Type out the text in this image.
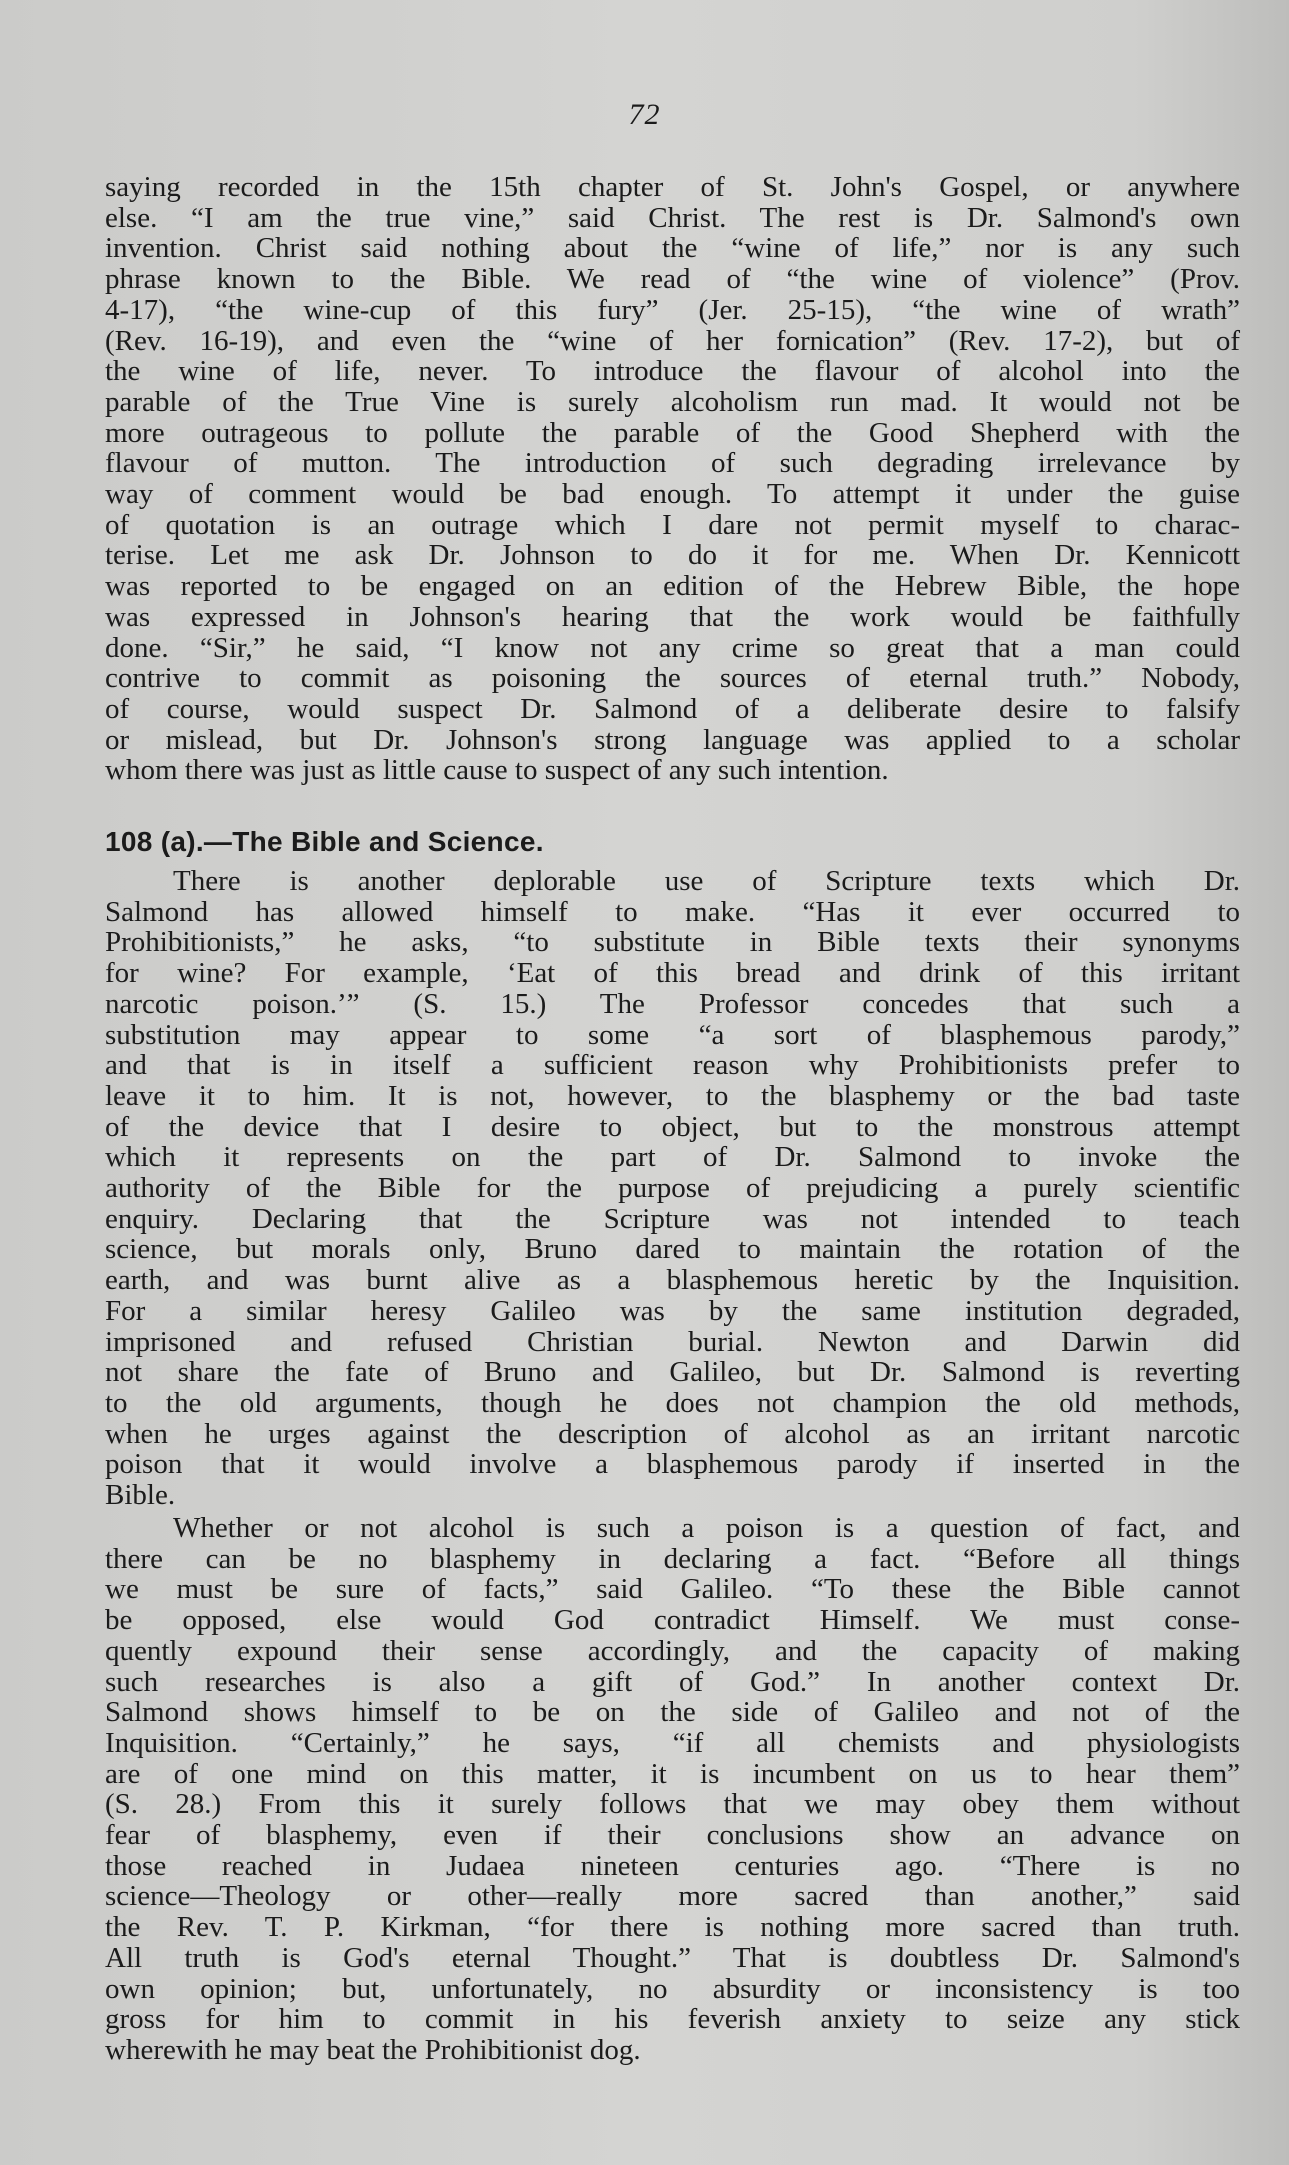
72
saying recorded in the 15th chapter of St. John's Gospel, or anywhere
else. “I am the true vine,” said Christ. The rest is Dr. Salmond's own
invention. Christ said nothing about the “wine of life,” nor is any such
phrase known to the Bible. We read of “the wine of violence” (Prov.
4-17), “the wine-cup of this fury” (Jer. 25-15), “the wine of wrath”
(Rev. 16-19), and even the “wine of her fornication” (Rev. 17-2), but of
the wine of life, never. To introduce the flavour of alcohol into the
parable of the True Vine is surely alcoholism run mad. It would not be
more outrageous to pollute the parable of the Good Shepherd with the
flavour of mutton. The introduction of such degrading irrelevance by
way of comment would be bad enough. To attempt it under the guise
of quotation is an outrage which I dare not permit myself to charac-
terise. Let me ask Dr. Johnson to do it for me. When Dr. Kennicott
was reported to be engaged on an edition of the Hebrew Bible, the hope
was expressed in Johnson's hearing that the work would be faithfully
done. “Sir,” he said, “I know not any crime so great that a man could
contrive to commit as poisoning the sources of eternal truth.” Nobody,
of course, would suspect Dr. Salmond of a deliberate desire to falsify
or mislead, but Dr. Johnson's strong language was applied to a scholar
whom there was just as little cause to suspect of any such intention.
108 (a).—The Bible and Science.
There is another deplorable use of Scripture texts which Dr.
Salmond has allowed himself to make. “Has it ever occurred to
Prohibitionists,” he asks, “to substitute in Bible texts their synonyms
for wine? For example, ‘Eat of this bread and drink of this irritant
narcotic poison.’” (S. 15.) The Professor concedes that such a
substitution may appear to some “a sort of blasphemous parody,”
and that is in itself a sufficient reason why Prohibitionists prefer to
leave it to him. It is not, however, to the blasphemy or the bad taste
of the device that I desire to object, but to the monstrous attempt
which it represents on the part of Dr. Salmond to invoke the
authority of the Bible for the purpose of prejudicing a purely scientific
enquiry. Declaring that the Scripture was not intended to teach
science, but morals only, Bruno dared to maintain the rotation of the
earth, and was burnt alive as a blasphemous heretic by the Inquisition.
For a similar heresy Galileo was by the same institution degraded,
imprisoned and refused Christian burial. Newton and Darwin did
not share the fate of Bruno and Galileo, but Dr. Salmond is reverting
to the old arguments, though he does not champion the old methods,
when he urges against the description of alcohol as an irritant narcotic
poison that it would involve a blasphemous parody if inserted in the
Bible.
Whether or not alcohol is such a poison is a question of fact, and
there can be no blasphemy in declaring a fact. “Before all things
we must be sure of facts,” said Galileo. “To these the Bible cannot
be opposed, else would God contradict Himself. We must conse-
quently expound their sense accordingly, and the capacity of making
such researches is also a gift of God.” In another context Dr.
Salmond shows himself to be on the side of Galileo and not of the
Inquisition. “Certainly,” he says, “if all chemists and physiologists
are of one mind on this matter, it is incumbent on us to hear them”
(S. 28.) From this it surely follows that we may obey them without
fear of blasphemy, even if their conclusions show an advance on
those reached in Judaea nineteen centuries ago. “There is no
science—Theology or other—really more sacred than another,” said
the Rev. T. P. Kirkman, “for there is nothing more sacred than truth.
All truth is God's eternal Thought.” That is doubtless Dr. Salmond's
own opinion; but, unfortunately, no absurdity or inconsistency is too
gross for him to commit in his feverish anxiety to seize any stick
wherewith he may beat the Prohibitionist dog.
